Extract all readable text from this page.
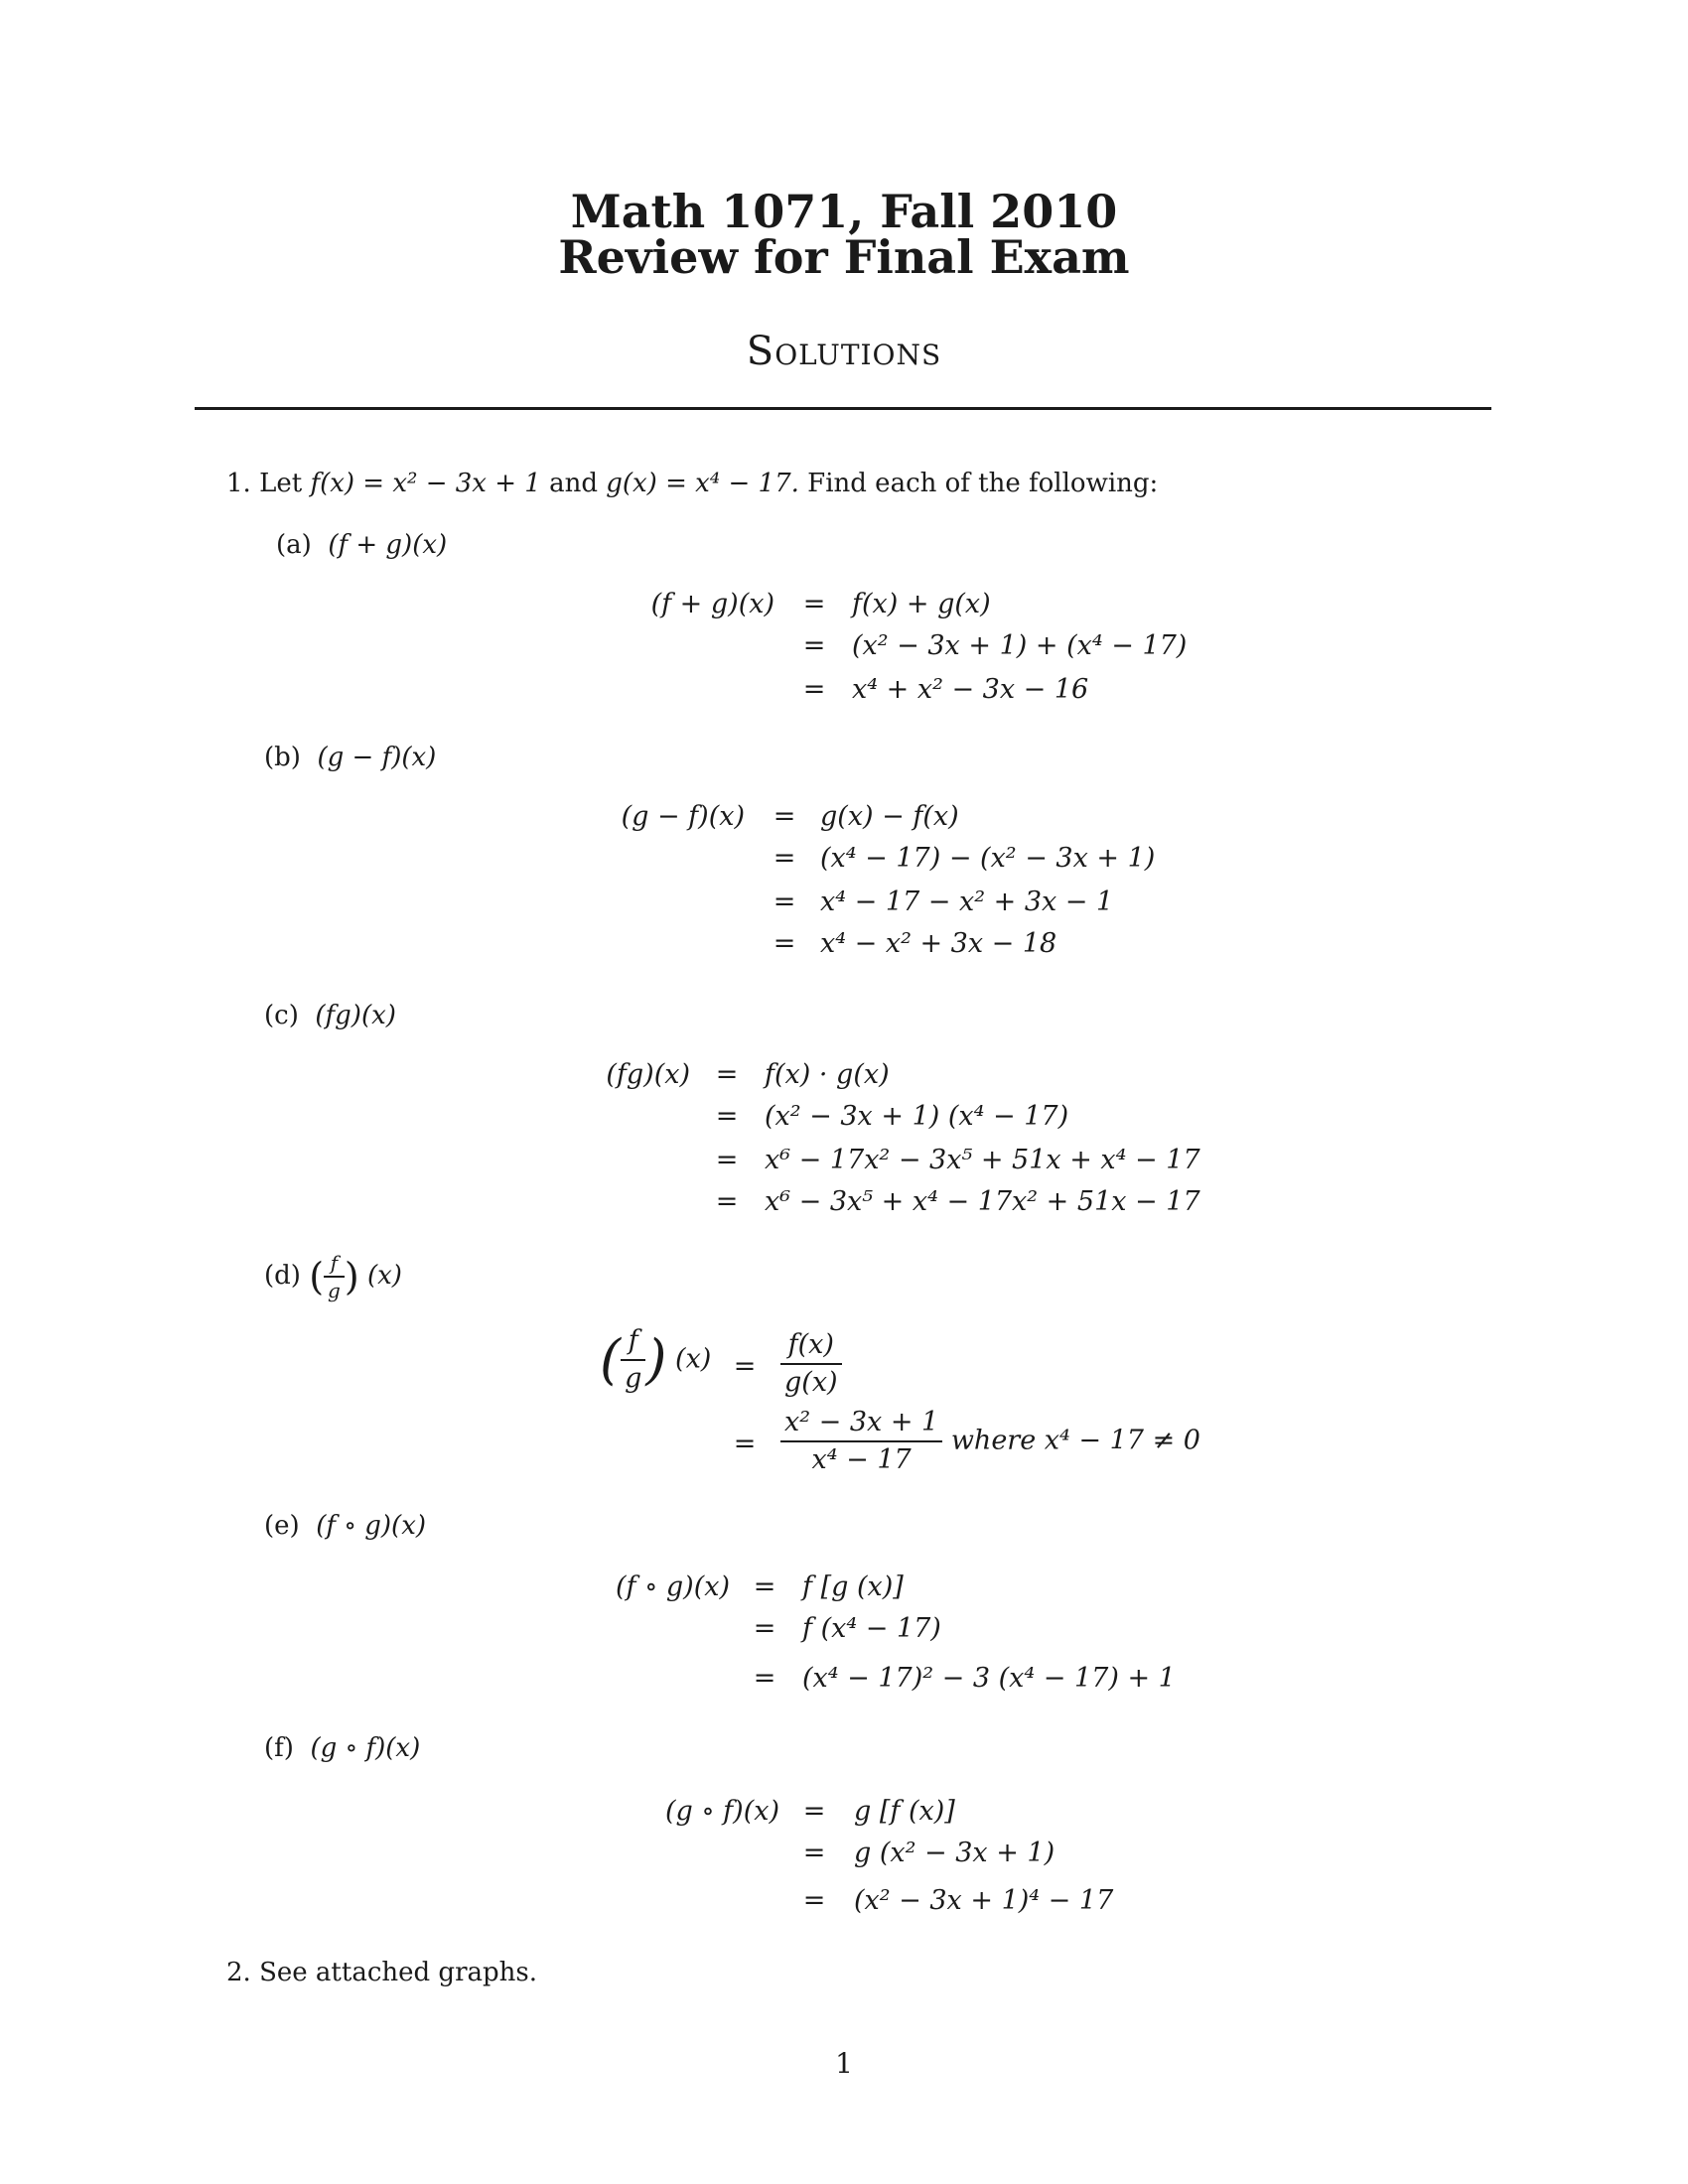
Math 1071, Fall 2010
Review for Final Exam
Solutions
1. Let f(x) = x² − 3x + 1 and g(x) = x⁴ − 17. Find each of the following:
(a) (f + g)(x)
(f + g)(x)	= f(x) + g(x)
= (x² − 3x + 1) + (x⁴ − 17)
= x⁴ + x² − 3x − 16
(b) (g − f)(x)
(g − f)(x)	= g(x) − f(x)
= (x⁴ − 17) − (x² − 3x + 1)
= x⁴ − 17 − x² + 3x − 1
= x⁴ − x² + 3x − 18
(c) (fg)(x)
(fg)(x) = f(x) · g(x)
= (x² − 3x + 1) (x⁴ − 17)
= x⁶ − 17x² − 3x⁵ + 51x + x⁴ − 17
= x⁶ − 3x⁵ + x⁴ − 17x² + 51x − 17
(d) ( $\frac{f}{g}$ ) (x)
( $\frac{f}{g}$ ) $(x) = \frac{f(x)}{g(x)}$
= $\frac{\text{x² − 3x + 1}}{\text{x⁴ − 17}}$ where x⁴ − 17 ≠ 0
(e) (f ∘ g)(x)
(f ∘ g)(x) = f [g (x)]
= f (x⁴ − 17)
= (x⁴ − 17)² − 3 (x⁴ − 17) + 1
(f) (g ∘ f)(x)
(g ∘ f)(x) =	g [f (x)]
=	g (x² − 3x + 1)
=	(x² − 3x + 1)⁴ − 17
2. See attached graphs.
1
